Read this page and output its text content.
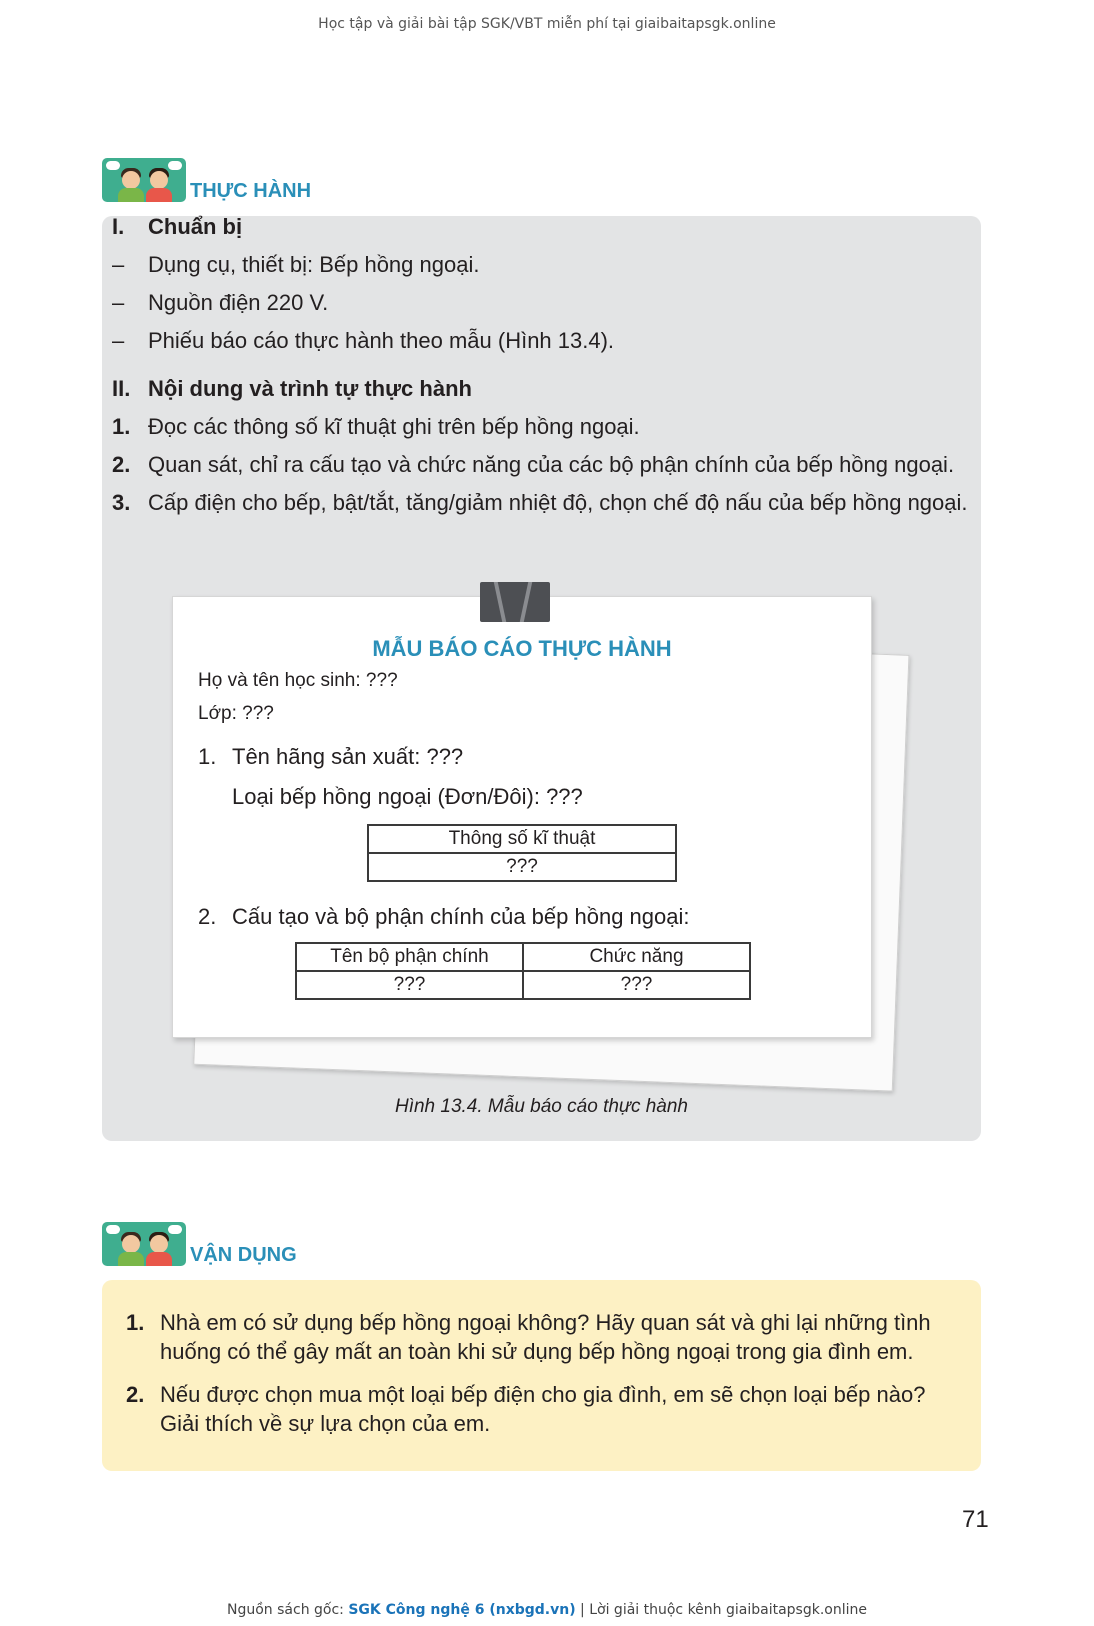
Học tập và giải bài tập SGK/VBT miễn phí tại giaibaitapsgk.online
THỰC HÀNH
I. Chuẩn bị
– Dụng cụ, thiết bị: Bếp hồng ngoại.
– Nguồn điện 220 V.
– Phiếu báo cáo thực hành theo mẫu (Hình 13.4).
II. Nội dung và trình tự thực hành
1. Đọc các thông số kĩ thuật ghi trên bếp hồng ngoại.
2. Quan sát, chỉ ra cấu tạo và chức năng của các bộ phận chính của bếp hồng ngoại.
3. Cấp điện cho bếp, bật/tắt, tăng/giảm nhiệt độ, chọn chế độ nấu của bếp hồng ngoại.
MẪU BÁO CÁO THỰC HÀNH
Họ và tên học sinh: ???
Lớp: ???
1. Tên hãng sản xuất: ???
Loại bếp hồng ngoại (Đơn/Đôi): ???
Thông số kĩ thuật
???
2. Cấu tạo và bộ phận chính của bếp hồng ngoại:
Tên bộ phận chính	Chức năng
???	???
Hình 13.4. Mẫu báo cáo thực hành
VẬN DỤNG
1. Nhà em có sử dụng bếp hồng ngoại không? Hãy quan sát và ghi lại những tình
huống có thể gây mất an toàn khi sử dụng bếp hồng ngoại trong gia đình em.
2. Nếu được chọn mua một loại bếp điện cho gia đình, em sẽ chọn loại bếp nào?
Giải thích về sự lựa chọn của em.
71
Nguồn sách gốc: SGK Công nghệ 6 (nxbgd.vn) | Lời giải thuộc kênh giaibaitapsgk.online
